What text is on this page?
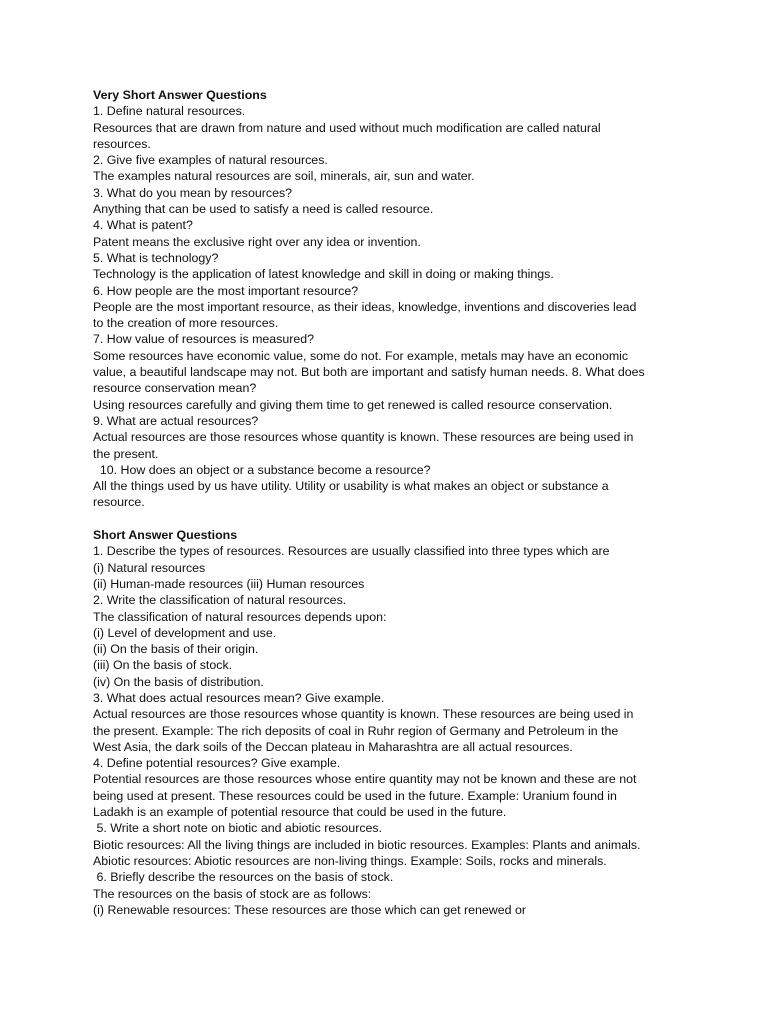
Very Short Answer Questions
1. Define natural resources.
Resources that are drawn from nature and used without much modification are called natural
resources.
2. Give five examples of natural resources.
The examples natural resources are soil, minerals, air, sun and water.
3. What do you mean by resources?
Anything that can be used to satisfy a need is called resource.
4. What is patent?
Patent means the exclusive right over any idea or invention.
5. What is technology?
Technology is the application of latest knowledge and skill in doing or making things.
6. How people are the most important resource?
People are the most important resource, as their ideas, knowledge, inventions and discoveries lead
to the creation of more resources.
7. How value of resources is measured?
Some resources have economic value, some do not. For example, metals may have an economic
value, a beautiful landscape may not. But both are important and satisfy human needs. 8. What does
resource conservation mean?
Using resources carefully and giving them time to get renewed is called resource conservation.
9. What are actual resources?
Actual resources are those resources whose quantity is known. These resources are being used in
the present.
10. How does an object or a substance become a resource?
All the things used by us have utility. Utility or usability is what makes an object or substance a
resource.
Short Answer Questions
1. Describe the types of resources. Resources are usually classified into three types which are
(i) Natural resources
(ii) Human-made resources (iii) Human resources
2. Write the classification of natural resources.
The classification of natural resources depends upon:
(i) Level of development and use.
(ii) On the basis of their origin.
(iii) On the basis of stock.
(iv) On the basis of distribution.
3. What does actual resources mean? Give example.
Actual resources are those resources whose quantity is known. These resources are being used in
the present. Example: The rich deposits of coal in Ruhr region of Germany and Petroleum in the
West Asia, the dark soils of the Deccan plateau in Maharashtra are all actual resources.
4. Define potential resources? Give example.
Potential resources are those resources whose entire quantity may not be known and these are not
being used at present. These resources could be used in the future. Example: Uranium found in
Ladakh is an example of potential resource that could be used in the future.
5. Write a short note on biotic and abiotic resources.
Biotic resources: All the living things are included in biotic resources. Examples: Plants and animals.
Abiotic resources: Abiotic resources are non-living things. Example: Soils, rocks and minerals.
6. Briefly describe the resources on the basis of stock.
The resources on the basis of stock are as follows:
(i) Renewable resources: These resources are those which can get renewed or
